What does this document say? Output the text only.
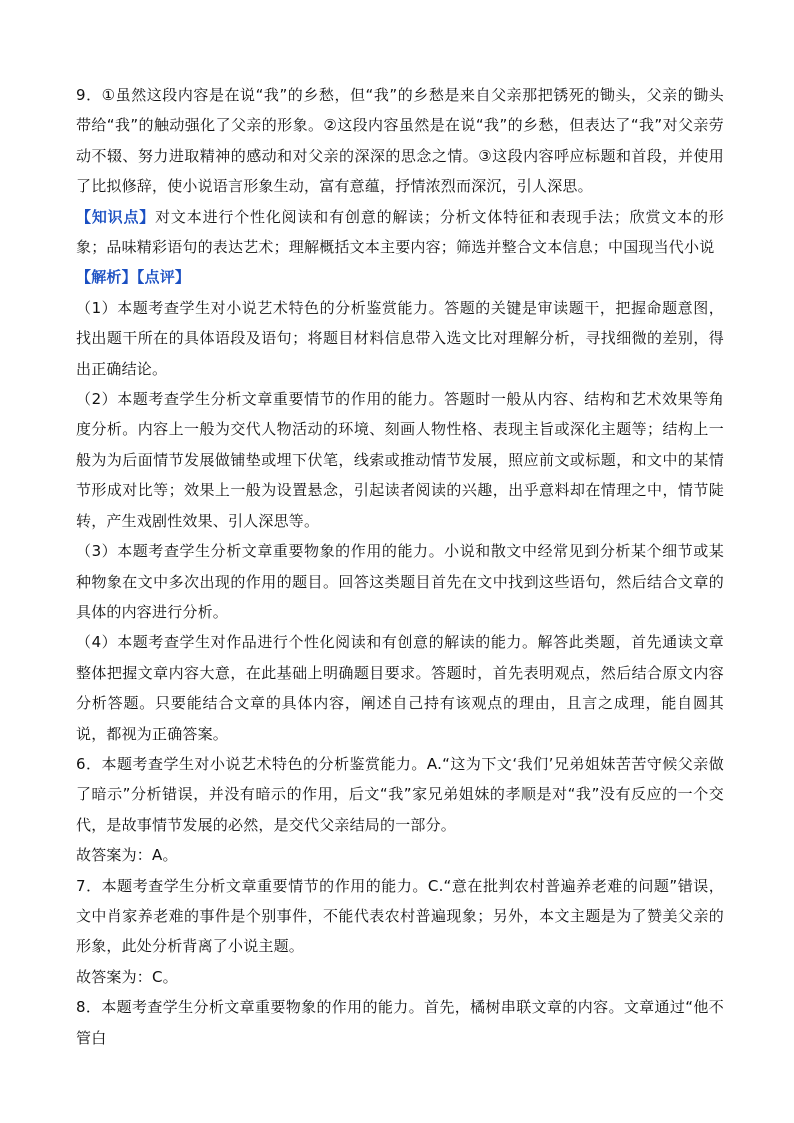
9．①虽然这段内容是在说“我”的乡愁，但“我”的乡愁是来自父亲那把锈死的锄头，父亲的锄头带给“我”的触动强化了父亲的形象。②这段内容虽然是在说“我”的乡愁，但表达了“我”对父亲劳动不辍、努力进取精神的感动和对父亲的深深的思念之情。③这段内容呼应标题和首段，并使用了比拟修辞，使小说语言形象生动，富有意蕴，抒情浓烈而深沉，引人深思。

【知识点】对文本进行个性化阅读和有创意的解读；分析文体特征和表现手法；欣赏文本的形象；品味精彩语句的表达艺术；理解概括文本主要内容；筛选并整合文本信息；中国现当代小说

【解析】【点评】

（1）本题考查学生对小说艺术特色的分析鉴赏能力。答题的关键是审读题干，把握命题意图，找出题干所在的具体语段及语句；将题目材料信息带入选文比对理解分析，寻找细微的差别，得出正确结论。

（2）本题考查学生分析文章重要情节的作用的能力。答题时一般从内容、结构和艺术效果等角度分析。内容上一般为交代人物活动的环境、刻画人物性格、表现主旨或深化主题等；结构上一般为为后面情节发展做铺垫或埋下伏笔，线索或推动情节发展，照应前文或标题，和文中的某情节形成对比等；效果上一般为设置悬念，引起读者阅读的兴趣，出乎意料却在情理之中，情节陡转，产生戏剧性效果、引人深思等。

（3）本题考查学生分析文章重要物象的作用的能力。小说和散文中经常见到分析某个细节或某种物象在文中多次出现的作用的题目。回答这类题目首先在文中找到这些语句，然后结合文章的具体的内容进行分析。

（4）本题考查学生对作品进行个性化阅读和有创意的解读的能力。解答此类题，首先通读文章整体把握文章内容大意，在此基础上明确题目要求。答题时，首先表明观点，然后结合原文内容分析答题。只要能结合文章的具体内容，阐述自己持有该观点的理由，且言之成理，能自圆其说，都视为正确答案。

6．本题考查学生对小说艺术特色的分析鉴赏能力。A.“这为下文‘我们’兄弟姐妹苦苦守候父亲做了暗示”分析错误，并没有暗示的作用，后文“我”家兄弟姐妹的孝顺是对“我”没有反应的一个交代，是故事情节发展的必然，是交代父亲结局的一部分。

故答案为：A。

7．本题考查学生分析文章重要情节的作用的能力。C.“意在批判农村普遍养老难的问题”错误，文中肖家养老难的事件是个别事件，不能代表农村普遍现象；另外，本文主题是为了赞美父亲的形象，此处分析背离了小说主题。

故答案为：C。

8．本题考查学生分析文章重要物象的作用的能力。首先，橘树串联文章的内容。文章通过“他不管白
